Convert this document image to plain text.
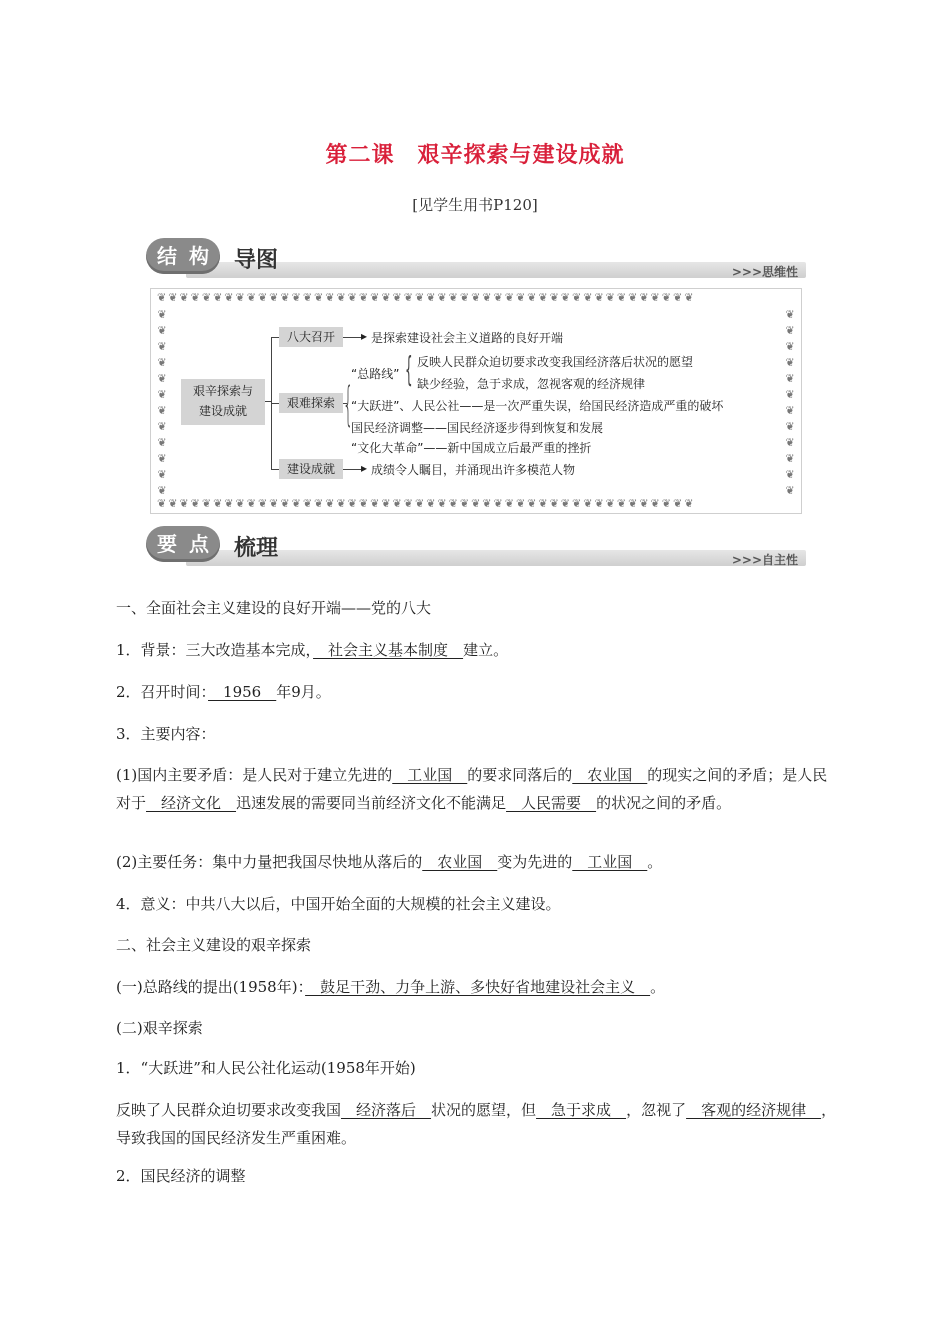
第二课　艰辛探索与建设成就
[见学生用书P120]
结 构 导图	>>>思维性
❦❦❦❦❦❦❦❦❦❦❦❦❦❦❦❦❦❦❦❦❦❦❦❦❦❦❦❦❦❦❦❦❦❦❦❦❦❦❦❦❦❦❦❦❦❦❦❦
❦❦❦❦❦❦❦❦❦❦❦❦❦❦❦❦❦❦❦❦❦❦❦❦❦❦❦❦❦❦❦❦❦❦❦❦❦❦❦❦❦❦❦❦❦❦❦❦
❦
❦
❦
❦
❦
❦
❦
❦
❦
❦
❦
❦
❦
❦
❦
❦
❦
❦
❦
❦
❦
❦
❦
❦
艰辛探索与
建设成就
八大召开	▸ 是探索建设社会主义道路的良好开端
艰难探索 {
“总路线” { 反映人民群众迫切要求改变我国经济落后状况的愿望
缺少经验，急于求成，忽视客观的经济规律
“大跃进”、人民公社——是一次严重失误，给国民经济造成严重的破坏
国民经济调整——国民经济逐步得到恢复和发展
“文化大革命”——新中国成立后最严重的挫折
建设成就	▸ 成绩令人瞩目，并涌现出许多模范人物
要 点 梳理	>>>自主性
一、全面社会主义建设的良好开端——党的八大
1．背景：三大改造基本完成，　社会主义基本制度　建立。
2．召开时间：　1956　年9月。
3．主要内容：
(1)国内主要矛盾：是人民对于建立先进的　工业国　的要求同落后的　农业国　的现实之间的矛盾；是人民对于　经济文化　迅速发展的需要同当前经济文化不能满足　人民需要　的状况之间的矛盾。
(2)主要任务：集中力量把我国尽快地从落后的　农业国　变为先进的　工业国　。
4．意义：中共八大以后，中国开始全面的大规模的社会主义建设。
二、社会主义建设的艰辛探索
(一)总路线的提出(1958年)：　鼓足干劲、力争上游、多快好省地建设社会主义　。
(二)艰辛探索
1．“大跃进”和人民公社化运动(1958年开始)
反映了人民群众迫切要求改变我国　经济落后　状况的愿望，但　急于求成　，忽视了　客观的经济规律　，导致我国的国民经济发生严重困难。
2．国民经济的调整
